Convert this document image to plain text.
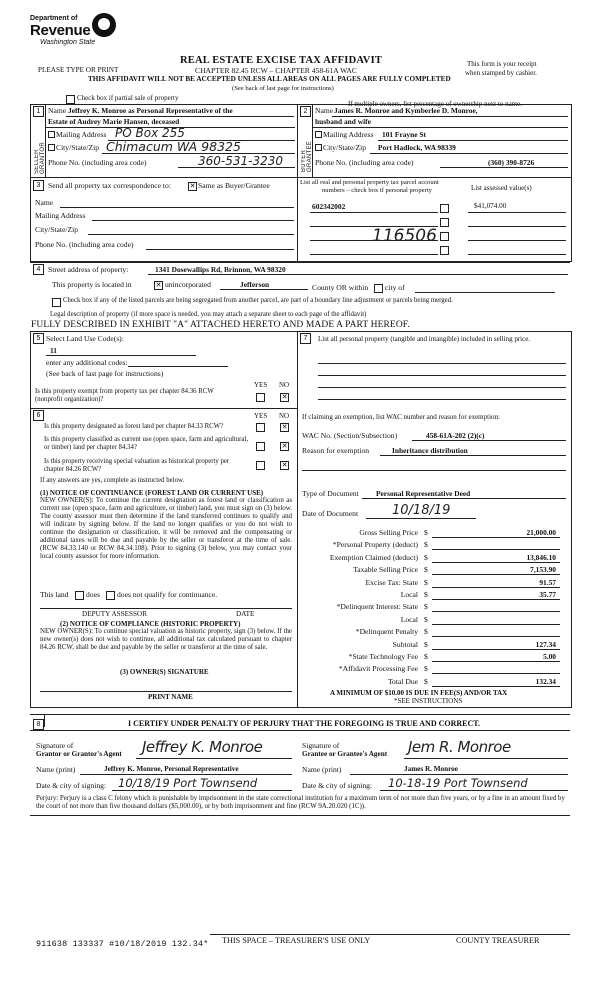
Department of
Revenue
Washington State
REAL ESTATE EXCISE TAX AFFIDAVIT
PLEASE TYPE OR PRINT	CHAPTER 82.45 RCW – CHAPTER 458-61A WAC
This form is your receipt
when stamped by cashier.
THIS AFFIDAVIT WILL NOT BE ACCEPTED UNLESS ALL AREAS ON ALL PAGES ARE FULLY COMPLETED
(See back of last page for instructions)
Check box if partial sale of property
If multiple owners, list percentage of ownership next to name.
1
SELLER GRANTOR
Name Jeffrey K. Monroe as Personal Representative of the
Estate of Audrey Marie Hansen, deceased
Mailing Address PO Box 255
City/State/Zip Chimacum WA 98325
Phone No. (including area code)	360-531-3230
2
BUYER GRANTEE
Name James R. Monroe and Kymberlee D. Monroe,
husband and wife
Mailing Address 101 Frayne St
City/State/Zip Port Hadlock, WA 98339
Phone No. (including area code)	(360) 390-8726
3 Send all property tax correspondence to:	✕ Same as Buyer/Grantee
Name
Mailing Address
City/State/Zip
Phone No. (including area code)
List all real and personal property tax parcel account
numbers – check box if personal property	List assessed value(s)
602342002	$41,074.00
116506
4 Street address of property:	1341 Dosewallips Rd, Brinnon, WA 98320
This property is located in	✕ unincorporated	Jefferson	County OR within city of
Check box if any of the listed parcels are being segregated from another parcel, are part of a boundary line adjustment or parcels being merged.
Legal description of property (if more space is needed, you may attach a separate sheet to each page of the affidavit)
FULLY DESCRIBED IN EXHIBIT "A" ATTACHED HERETO AND MADE A PART HEREOF.
5 Select Land Use Code(s):
11
enter any additional codes:
(See back of last page for instructions)
YES NO
Is this property exempt from property tax per chapter 84.36 RCW (nonprofit organization)?	✕
6	YES NO
Is this property designated as forest land per chapter 84.33 RCW?	✕
Is this property classified as current use (open space, farm and agricultural, or timber) land per chapter 84.34?	✕
Is this property receiving special valuation as historical property per chapter 84.26 RCW?
✕
If any answers are yes, complete as instructed below.
(1) NOTICE OF CONTINUANCE (FOREST LAND OR CURRENT USE)
NEW OWNER(S): To continue the current designation as forest land or classification as current use (open space, farm and agriculture, or timber) land, you must sign on (3) below. The county assessor must then determine if the land transferred continues to qualify and will indicate by signing below. If the land no longer qualifies or you do not wish to continue the designation or classification, it will be removed and the compensating or additional taxes will be due and payable by the seller or transferor at the time of sale. (RCW 84.33.140 or RCW 84.34.108). Prior to signing (3) below, you may contact your local county assessor for more information.
This land does does not qualify for continuance.
DEPUTY ASSESSOR	DATE
(2) NOTICE OF COMPLIANCE (HISTORIC PROPERTY)
NEW OWNER(S): To continue special valuation as historic property, sign (3) below. If the new owner(s) does not wish to continue, all additional tax calculated pursuant to chapter 84.26 RCW, shall be due and payable by the seller or transferor at the time of sale.
(3) OWNER(S) SIGNATURE
PRINT NAME
7	List all personal property (tangible and intangible) included in selling price.
If claiming an exemption, list WAC number and reason for exemption:
WAC No. (Section/Subsection)	458-61A-202 (2)(c)
Reason for exemption	Inheritance distribution
Type of Document Personal Representative Deed
Date of Document	10/18/19
Gross Selling Price $	21,000.00
*Personal Property (deduct) $
Exemption Claimed (deduct) $	13,846.10
Taxable Selling Price $	7,153.90
Excise Tax: State $	91.57
Local $	35.77
*Delinquent Interest: State $
Local $
*Delinquent Penalty $
Subtotal $	127.34
*State Technology Fee $	5.00
*Affidavit Processing Fee $
Total Due $	132.34
A MINIMUM OF $10.00 IS DUE IN FEE(S) AND/OR TAX
*SEE INSTRUCTIONS
8	I CERTIFY UNDER PENALTY OF PERJURY THAT THE FOREGOING IS TRUE AND CORRECT.
Signature of
Grantor or Grantor's Agent Jeffrey K. Monroe
Name (print)	Jeffrey K. Monroe, Personal Representative
Date & city of signing: 10/18/19 Port Townsend
Signature of
Grantee or Grantee's Agent Jem R. Monroe
Name (print)	James R. Monroe
Date & city of signing: 10-18-19 Port Townsend
Perjury: Perjury is a class C felony which is punishable by imprisonment in the state correctional institution for a maximum term of not more than five years, or by a fine in an amount fixed by the court of not more than five thousand dollars ($5,000.00), or by both imprisonment and fine (RCW 9A.20.020 (1C)).
911638 133337 #10/18/2019 132.34* THIS SPACE – TREASURER'S USE ONLY	COUNTY TREASURER
